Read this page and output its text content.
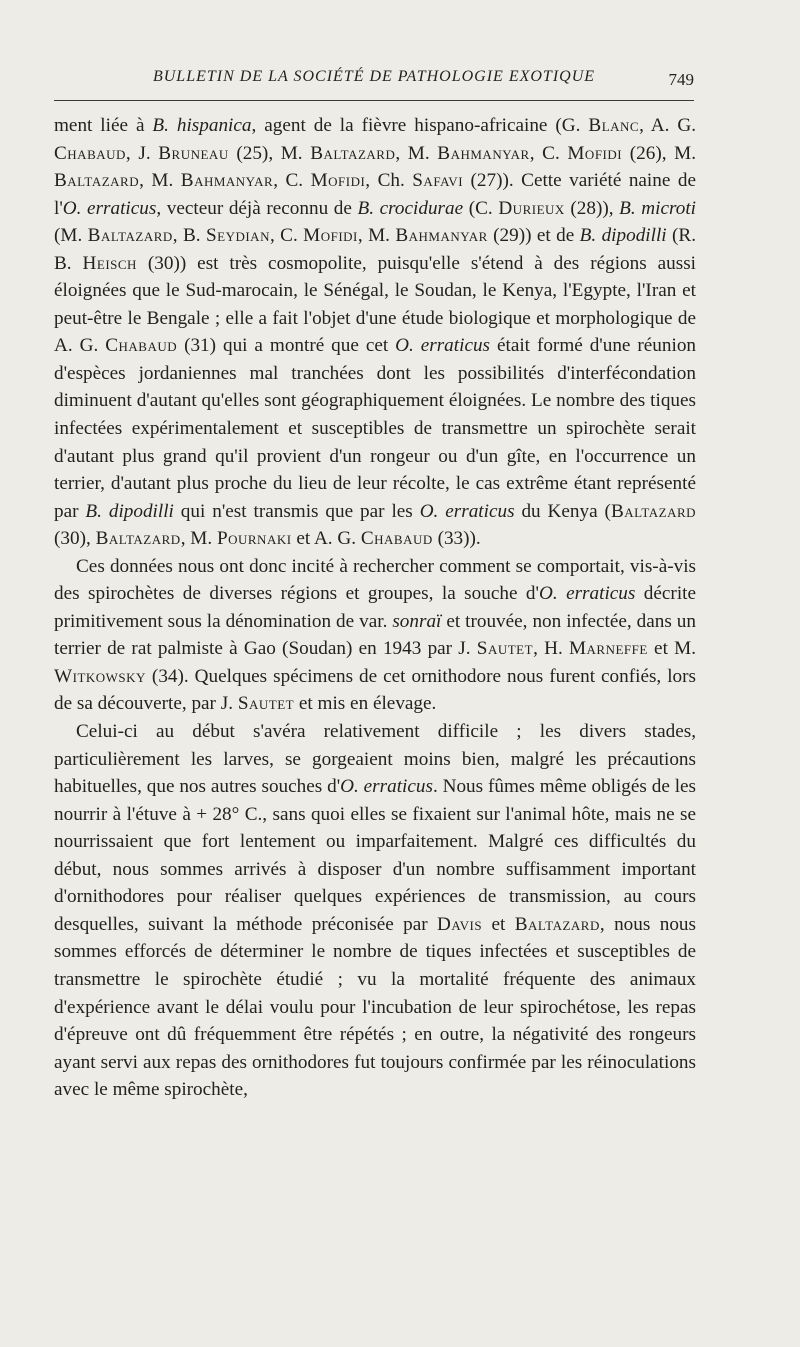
BULLETIN DE LA SOCIÉTÉ DE PATHOLOGIE EXOTIQUE	749

ment liée à B. hispanica, agent de la fièvre hispano-africaine (G. Blanc, A. G. Chabaud, J. Bruneau (25), M. Baltazard, M. Bahmanyar, C. Mofidi (26), M. Baltazard, M. Bahmanyar, C. Mofidi, Ch. Safavi (27)). Cette variété naine de l'O. erraticus, vecteur déjà reconnu de B. crocidurae (C. Durieux (28)), B. microti (M. Baltazard, B. Seydian, C. Mofidi, M. Bahmanyar (29)) et de B. dipodilli (R. B. Heisch (30)) est très cosmopolite, puisqu'elle s'étend à des régions aussi éloignées que le Sud-marocain, le Sénégal, le Soudan, le Kenya, l'Egypte, l'Iran et peut-être le Bengale ; elle a fait l'objet d'une étude biologique et morphologique de A. G. Chabaud (31) qui a montré que cet O. erraticus était formé d'une réunion d'espèces jordaniennes mal tranchées dont les possibilités d'interfécondation diminuent d'autant qu'elles sont géographiquement éloignées. Le nombre des tiques infectées expérimentalement et susceptibles de transmettre un spirochète serait d'autant plus grand qu'il provient d'un rongeur ou d'un gîte, en l'occurrence un terrier, d'autant plus proche du lieu de leur récolte, le cas extrême étant représenté par B. dipodilli qui n'est transmis que par les O. erraticus du Kenya (Baltazard (30), Baltazard, M. Pournaki et A. G. Chabaud (33)).

Ces données nous ont donc incité à rechercher comment se comportait, vis-à-vis des spirochètes de diverses régions et groupes, la souche d'O. erraticus décrite primitivement sous la dénomination de var. sonraï et trouvée, non infectée, dans un terrier de rat palmiste à Gao (Soudan) en 1943 par J. Sautet, H. Marneffe et M. Witkowsky (34). Quelques spécimens de cet ornithodore nous furent confiés, lors de sa découverte, par J. Sautet et mis en élevage.

Celui-ci au début s'avéra relativement difficile ; les divers stades, particulièrement les larves, se gorgeaient moins bien, malgré les précautions habituelles, que nos autres souches d'O. erraticus. Nous fûmes même obligés de les nourrir à l'étuve à + 28° C., sans quoi elles se fixaient sur l'animal hôte, mais ne se nourrissaient que fort lentement ou imparfaitement. Malgré ces difficultés du début, nous sommes arrivés à disposer d'un nombre suffisamment important d'ornithodores pour réaliser quelques expériences de transmission, au cours desquelles, suivant la méthode préconisée par Davis et Baltazard, nous nous sommes efforcés de déterminer le nombre de tiques infectées et susceptibles de transmettre le spirochète étudié ; vu la mortalité fréquente des animaux d'expérience avant le délai voulu pour l'incubation de leur spirochétose, les repas d'épreuve ont dû fréquemment être répétés ; en outre, la négativité des rongeurs ayant servi aux repas des ornithodores fut toujours confirmée par les réinoculations avec le même spirochète,
